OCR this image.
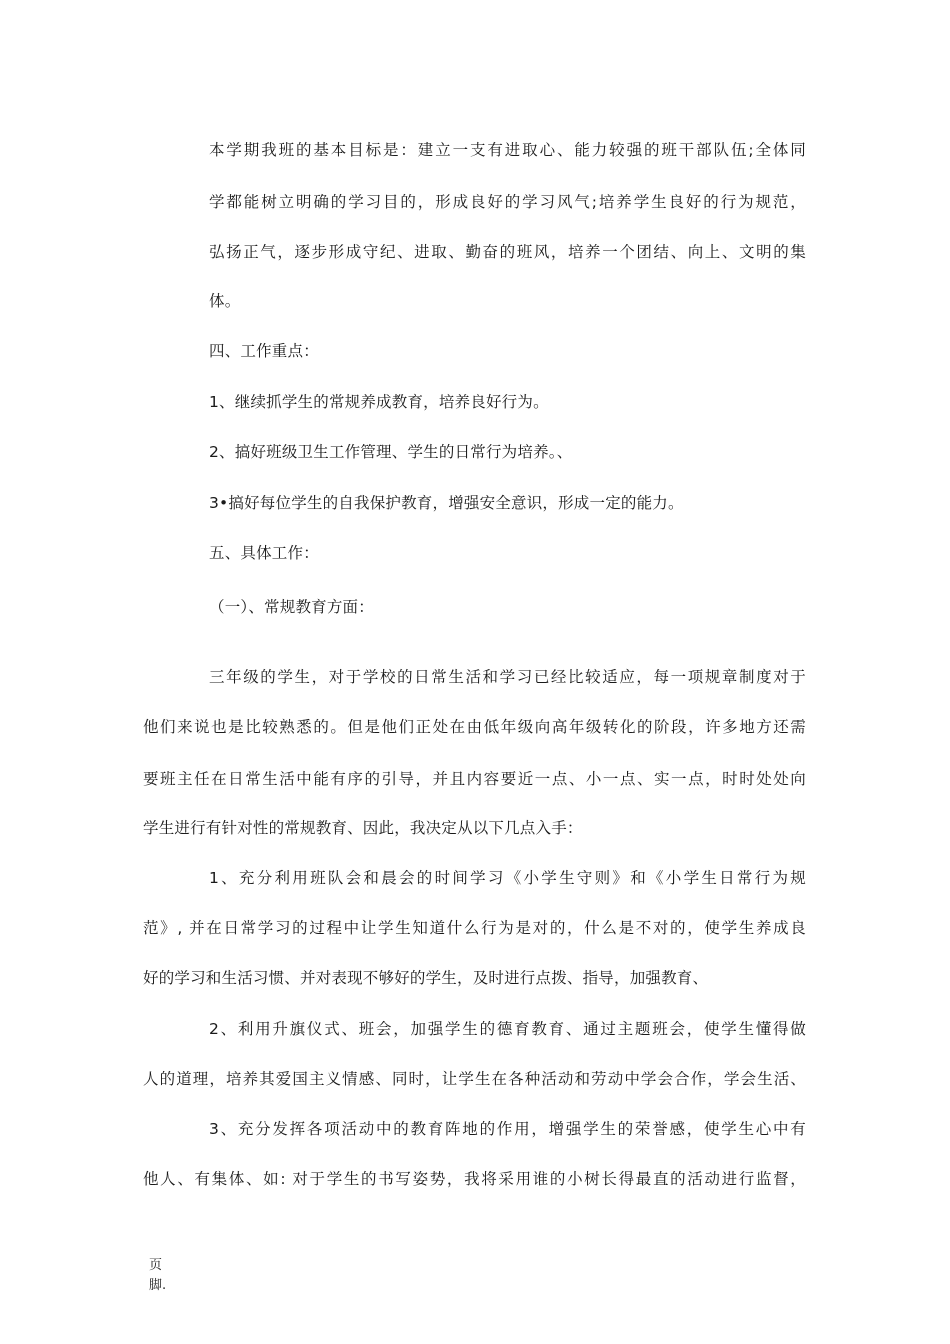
本学期我班的基本目标是：建立一支有进取心、能力较强的班干部队伍;全体同
学都能树立明确的学习目的，形成良好的学习风气;培养学生良好的行为规范，
弘扬正气，逐步形成守纪、进取、勤奋的班风，培养一个团结、向上、文明的集
体。
四、工作重点：
1、继续抓学生的常规养成教育，培养良好行为。
2、搞好班级卫生工作管理、学生的日常行为培养。、
3•搞好每位学生的自我保护教育，增强安全意识，形成一定的能力。
五、具体工作：
（一）、常规教育方面：
三年级的学生，对于学校的日常生活和学习已经比较适应，每一项规章制度对于
他们来说也是比较熟悉的。但是他们正处在由低年级向高年级转化的阶段，许多地方还需
要班主任在日常生活中能有序的引导，并且内容要近一点、小一点、实一点，时时处处向
学生进行有针对性的常规教育、因此，我决定从以下几点入手：
1、充分利用班队会和晨会的时间学习《小学生守则》和《小学生日常行为规
范》, 并在日常学习的过程中让学生知道什么行为是对的，什么是不对的，使学生养成良
好的学习和生活习惯、并对表现不够好的学生，及时进行点拨、指导，加强教育、
2、利用升旗仪式、班会，加强学生的德育教育、通过主题班会，使学生懂得做
人的道理，培养其爱国主义情感、同时，让学生在各种活动和劳动中学会合作，学会生活、
3、充分发挥各项活动中的教育阵地的作用，增强学生的荣誉感，使学生心中有
他人、有集体、如: 对于学生的书写姿势，我将采用谁的小树长得最直的活动进行监督，
页
脚.
